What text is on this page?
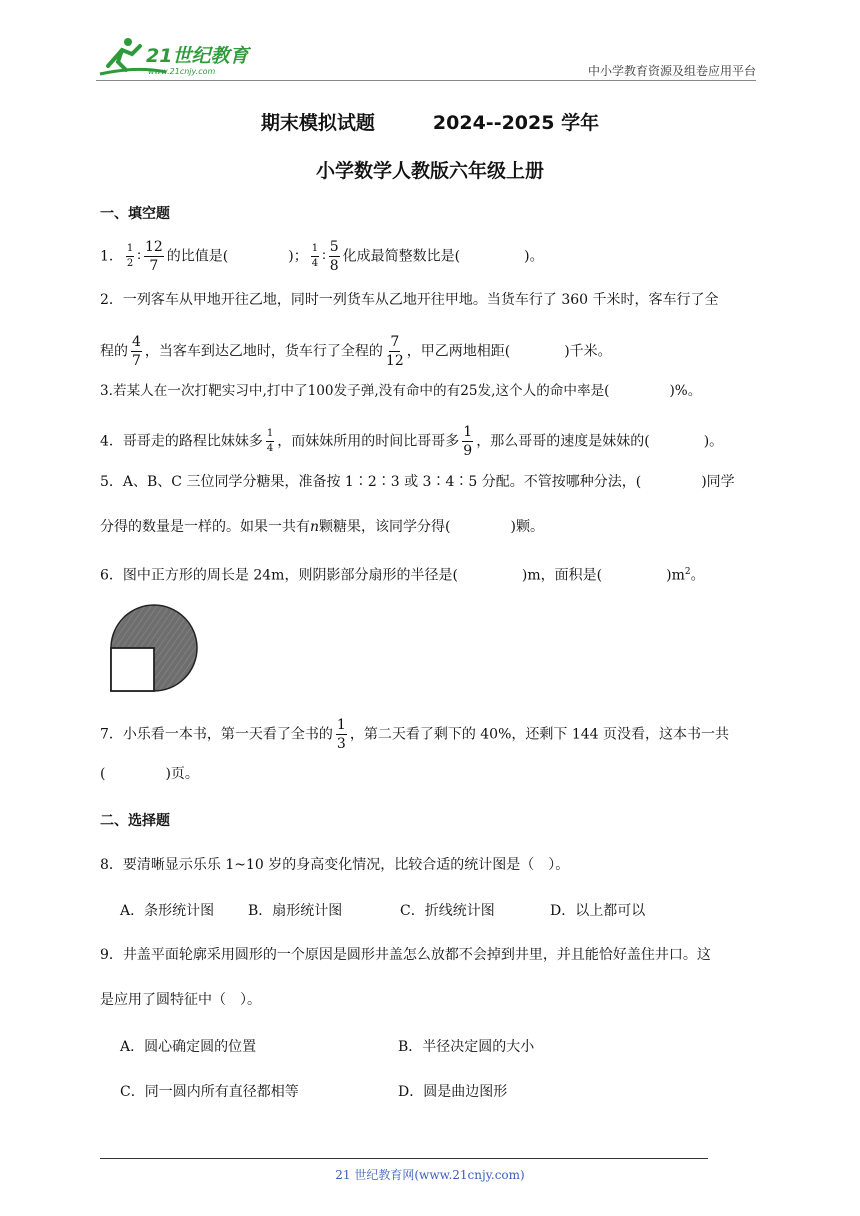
21世纪教育
www.21cnjy.com	中小学教育资源及组卷应用平台
期末模拟试题	2024--2025 学年
小学数学人教版六年级上册
一、填空题
1． $\frac{1}{2}$ ∶ $\frac{12}{7}$ 的比值是(	)； $\frac{1}{4}$ ∶ $\frac{5}{8}$ 化成最简整数比是(	)。
2．一列客车从甲地开往乙地，同时一列货车从乙地开往甲地。当货车行了 360 千米时，客车行了全
程的 $\frac{4}{7}$ ，当客车到达乙地时，货车行了全程的 $\frac{7}{12}$ ，甲乙两地相距(	)千米。
3.若某人在一次打靶实习中,打中了100发子弹,没有命中的有25发,这个人的命中率是(	)%。
4．哥哥走的路程比妹妹多 $\frac{1}{4}$ ，而妹妹所用的时间比哥哥多 $\frac{1}{9}$ ，那么哥哥的速度是妹妹的(	)。
5．A、B、C 三位同学分糖果，准备按 1∶2∶3 或 3∶4∶5 分配。不管按哪种分法，(	)同学
分得的数量是一样的。如果一共有n颗糖果，该同学分得(	)颗。
6．图中正方形的周长是 24m，则阴影部分扇形的半径是(	)m，面积是(	)$m^2$。
7．小乐看一本书，第一天看了全书的 $\frac{1}{3}$ ，第二天看了剩下的 40%，还剩下 144 页没看，这本书一共
(	)页。
二、选择题
8．要清晰显示乐乐 1~10 岁的身高变化情况，比较合适的统计图是（　）。
A．条形统计图 B．扇形统计图	C．折线统计图	D．以上都可以
9．井盖平面轮廓采用圆形的一个原因是圆形井盖怎么放都不会掉到井里，并且能恰好盖住井口。这
是应用了圆特征中（　）。
A．圆心确定圆的位置	B．半径决定圆的大小
C．同一圆内所有直径都相等	D．圆是曲边图形
21 世纪教育网(www.21cnjy.com)
